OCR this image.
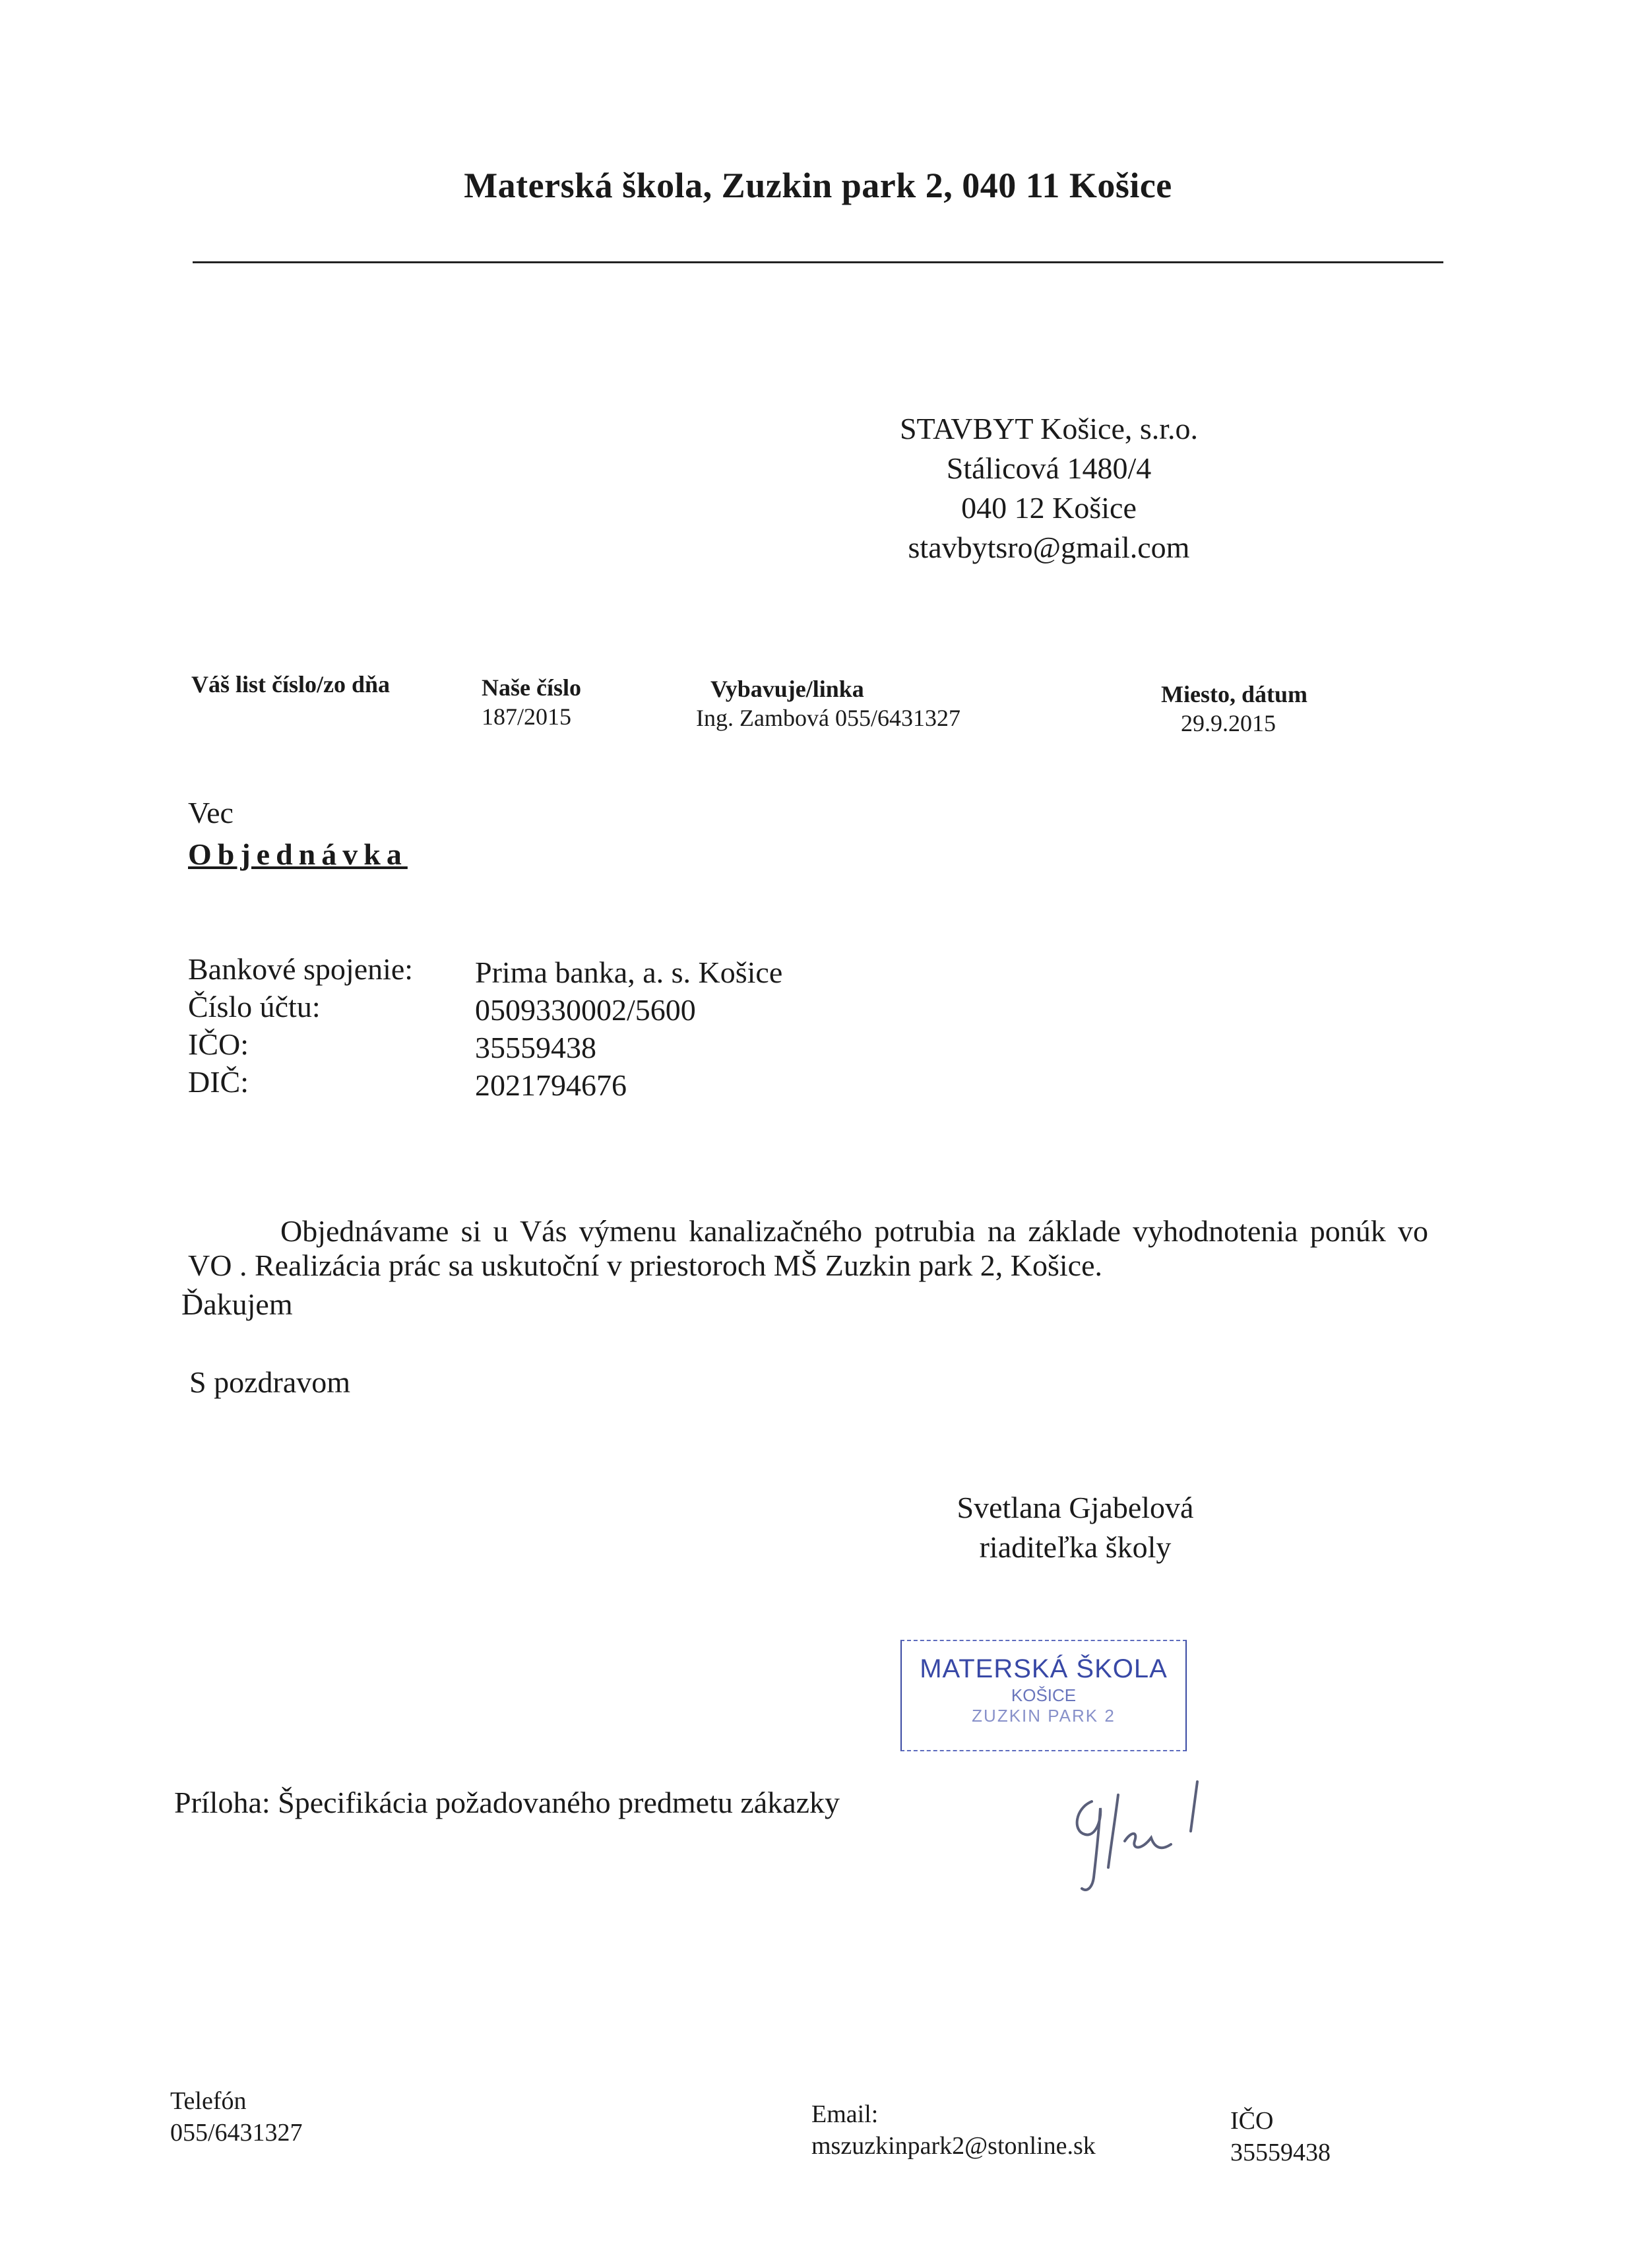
Materská škola, Zuzkin park 2, 040 11 Košice
STAVBYT Košice, s.r.o.
Stálicová 1480/4
040 12 Košice
stavbytsro@gmail.com
Váš list číslo/zo dňa	Naše číslo
187/2015
Vybavuje/linka
Ing. Zambová 055/6431327
Miesto, dátum
29.9.2015
Vec
Objednávka
Bankové spojenie:
Číslo účtu:
IČO:
DIČ:
Prima banka, a. s. Košice
0509330002/5600
35559438
2021794676
Objednávame si u Vás výmenu kanalizačného potrubia na základe vyhodnotenia ponúk vo VO . Realizácia prác sa uskutoční v priestoroch MŠ Zuzkin park 2, Košice.
Ďakujem
S pozdravom
Svetlana Gjabelová
riaditeľka školy
MATERSKÁ ŠKOLA
KOŠICE
ZUZKIN PARK 2
Príloha: Špecifikácia požadovaného predmetu zákazky
Telefón
055/6431327
Email:
mszuzkinpark2@stonline.sk
IČO
35559438
